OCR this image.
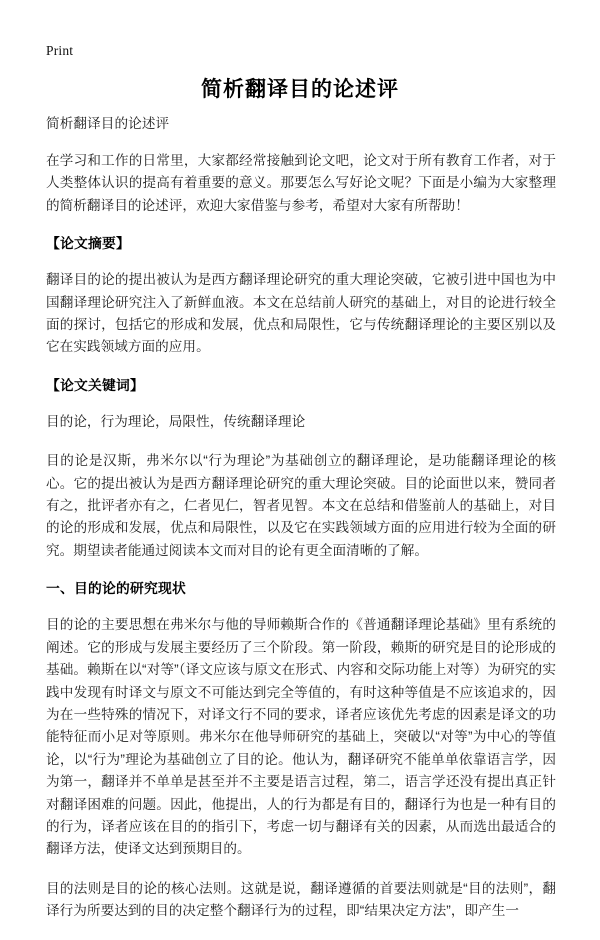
Print
简析翻译目的论述评
简析翻译目的论述评

在学习和工作的日常里，大家都经常接触到论文吧，论文对于所有教育工作者，对于人类整体认识的提高有着重要的意义。那要怎么写好论文呢？下面是小编为大家整理的简析翻译目的论述评，欢迎大家借鉴与参考，希望对大家有所帮助！

【论文摘要】

翻译目的论的提出被认为是西方翻译理论研究的重大理论突破，它被引进中国也为中国翻译理论研究注入了新鲜血液。本文在总结前人研究的基础上，对目的论进行较全面的探讨，包括它的形成和发展，优点和局限性，它与传统翻译理论的主要区别以及它在实践领域方面的应用。

【论文关键词】

目的论，行为理论，局限性，传统翻译理论

目的论是汉斯，弗米尔以“行为理论”为基础创立的翻译理论，是功能翻译理论的核心。它的提出被认为是西方翻译理论研究的重大理论突破。目的论面世以来，赞同者有之，批评者亦有之，仁者见仁，智者见智。本文在总结和借鉴前人的基础上，对目的论的形成和发展，优点和局限性，以及它在实践领域方面的应用进行较为全面的研究。期望读者能通过阅读本文而对目的论有更全面清晰的了解。

一、目的论的研究现状

目的论的主要思想在弗米尔与他的导师赖斯合作的《普通翻译理论基础》里有系统的阐述。它的形成与发展主要经历了三个阶段。第一阶段，赖斯的研究是目的论形成的基础。赖斯在以“对等”（译文应该与原文在形式、内容和交际功能上对等）为研究的实践中发现有时译文与原文不可能达到完全等值的，有时这种等值是不应该追求的，因为在一些特殊的情况下，对译文行不同的要求，译者应该优先考虑的因素是译文的功能特征而小足对等原则。弗米尔在他导师研究的基础上，突破以“对等”为中心的等值论，以“行为”理论为基础创立了目的论。他认为，翻译研究不能单单依靠语言学，因为第一，翻译并不单单是甚至并不主要是语言过程，第二，语言学还没有提出真正针对翻译困难的问题。因此，他提出，人的行为都是有目的，翻译行为也是一种有目的的行为，译者应该在目的的指引下，考虑一切与翻译有关的因素，从而选出最适合的翻译方法，使译文达到预期目的。

目的法则是目的论的核心法则。这就是说，翻译遵循的首要法则就是“目的法则”，翻译行为所要达到的目的决定整个翻译行为的过程，即“结果决定方法”，即产生一
